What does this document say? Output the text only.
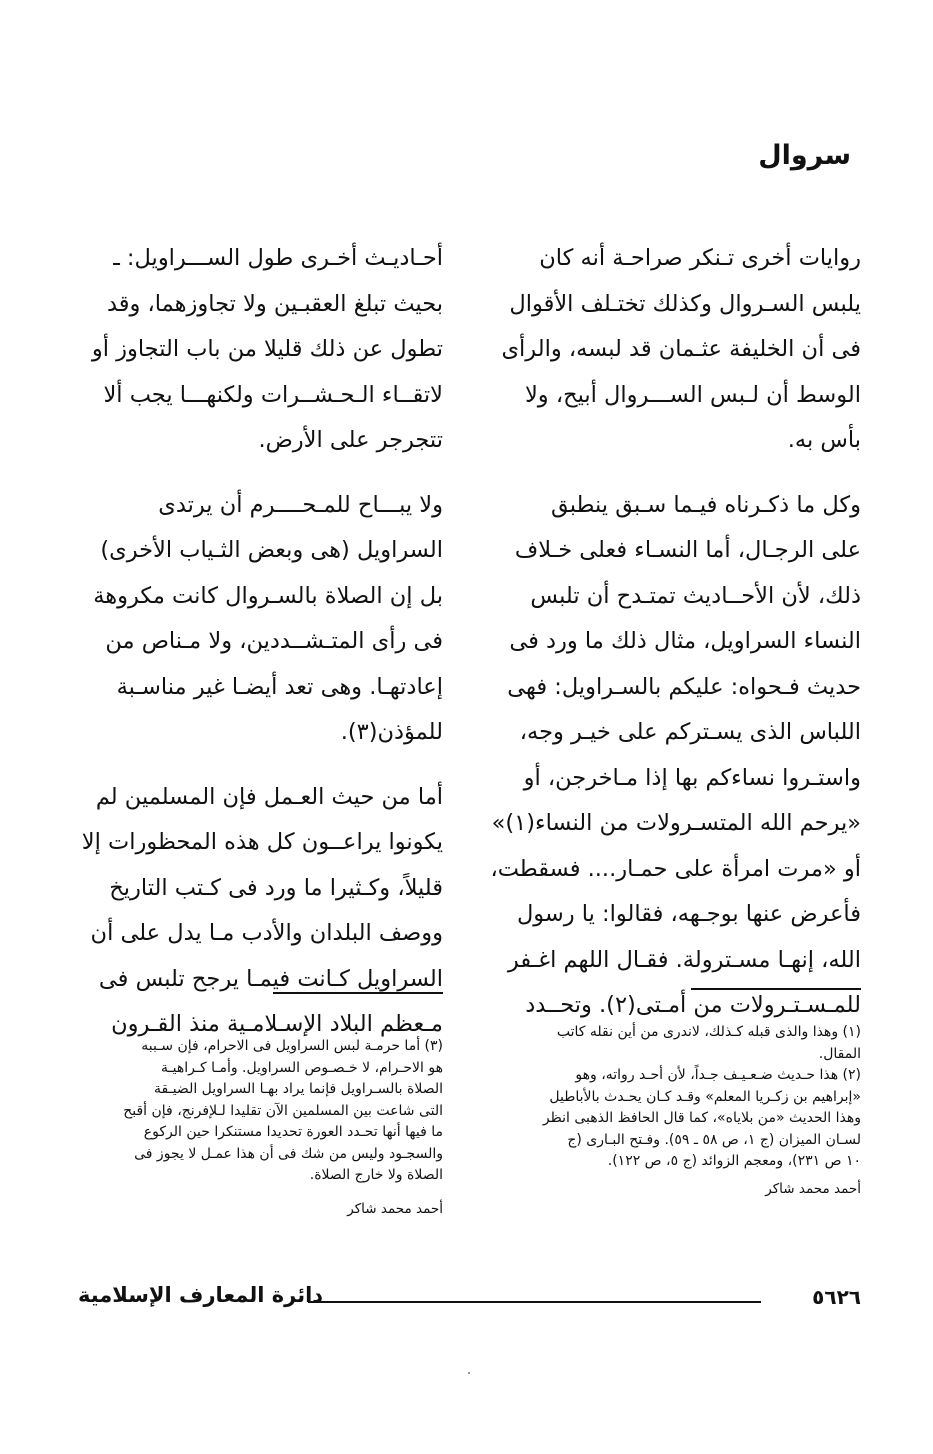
سروال

روايات أخرى تـنكر صراحـة أنه كان
يلبس السـروال وكذلك تختـلف الأقوال
فى أن الخليفة عثـمان قد لبسه، والرأى
الوسط أن لـبس الســـروال أبيح، ولا
بأس به.

وكل ما ذكـرناه فيـما سـبق ينطبق
على الرجـال، أما النسـاء فعلى خـلاف
ذلك، لأن الأحــاديث تمتـدح أن تلبس
النساء السراويل، مثال ذلك ما ورد فى
حديث فـحواه: عليكم بالسـراويل: فهى
اللباس الذى يسـتركم على خيـر وجه،
واستـروا نساءكم بها إذا مـاخرجن، أو
«يرحم الله المتسـرولات من النساء(١)»
أو «مرت امرأة على حمـار.... فسقطت،
فأعرض عنها بوجـهه، فقالوا: يا رسول
الله، إنهـا مسـترولة. فقـال اللهم اغـفر
للمـسـتـرولات من أمـتى(٢). وتحــدد

أحـاديـث أخـرى طول الســـراويل: ـ
بحيث تبلغ العقبـين ولا تجاوزهما، وقد
تطول عن ذلك قليلا من باب التجاوز أو
لاتقــاء الـحـشــرات ولكنهـــا يجب ألا
تتجرجر على الأرض.

ولا يبـــاح للمـحــــرم أن يرتدى
السراويل (هى وبعض الثـياب الأخرى)
بل إن الصلاة بالسـروال كانت مكروهة
فى رأى المتـشــددين، ولا مـناص من
إعادتهـا. وهى تعد أيضـا غير مناسـبة
للمؤذن(٣).

أما من حيث العـمل فإن المسلمين لم
يكونوا يراعــون كل هذه المحظورات إلا
قليلاً، وكـثيرا ما ورد فى كـتب التاريخ
ووصف البلدان والأدب مـا يدل على أن
السراويل كـانت فيمـا يرجح تلبس فى
مـعظم البلاد الإسـلامـية منذ القـرون	(١) وهذا والذى قبله كـذلك، لاندرى من أين نقله كاتب
المقال.

(٢) هذا حـديث ضـعـيـف جـداً، لأن أحـد رواته، وهو
«إبراهيم بن زكـريا المعلم» وقـد كـان يحـدث بالأباطيل
وهذا الحديث «من بلاياه»، كما قال الحافظ الذهبى انظر
لسـان الميزان (ج ١، ص ٥٨ ـ ٥٩). وفـتح البـارى (ج
١٠ ص ٢٣١)، ومعجم الزوائد (ج ٥، ص ١٢٢).

أحمد محمد شاكر

(٣) أما حرمـة لبس السراويل فى الاحرام، فإن سـببه
هو الاحـرام، لا خـصـوص السراويل. وأمـا كـراهيـة
الصلاة بالسـراويل فإنما يراد بهـا السراويل الضيـقة
التى شاعت بين المسلمين الآن تقليدا لـلإفرنج، فإن أقبح
ما فيها أنها تحـدد العورة تحديدا مستنكرا حين الركوع
والسجـود وليس من شك فى أن هذا عمـل لا يجوز فى
الصلاة ولا خارج الصلاة.

أحمد محمد شاكر

٥٦٢٦
دائرة المعارف الإسلامية
